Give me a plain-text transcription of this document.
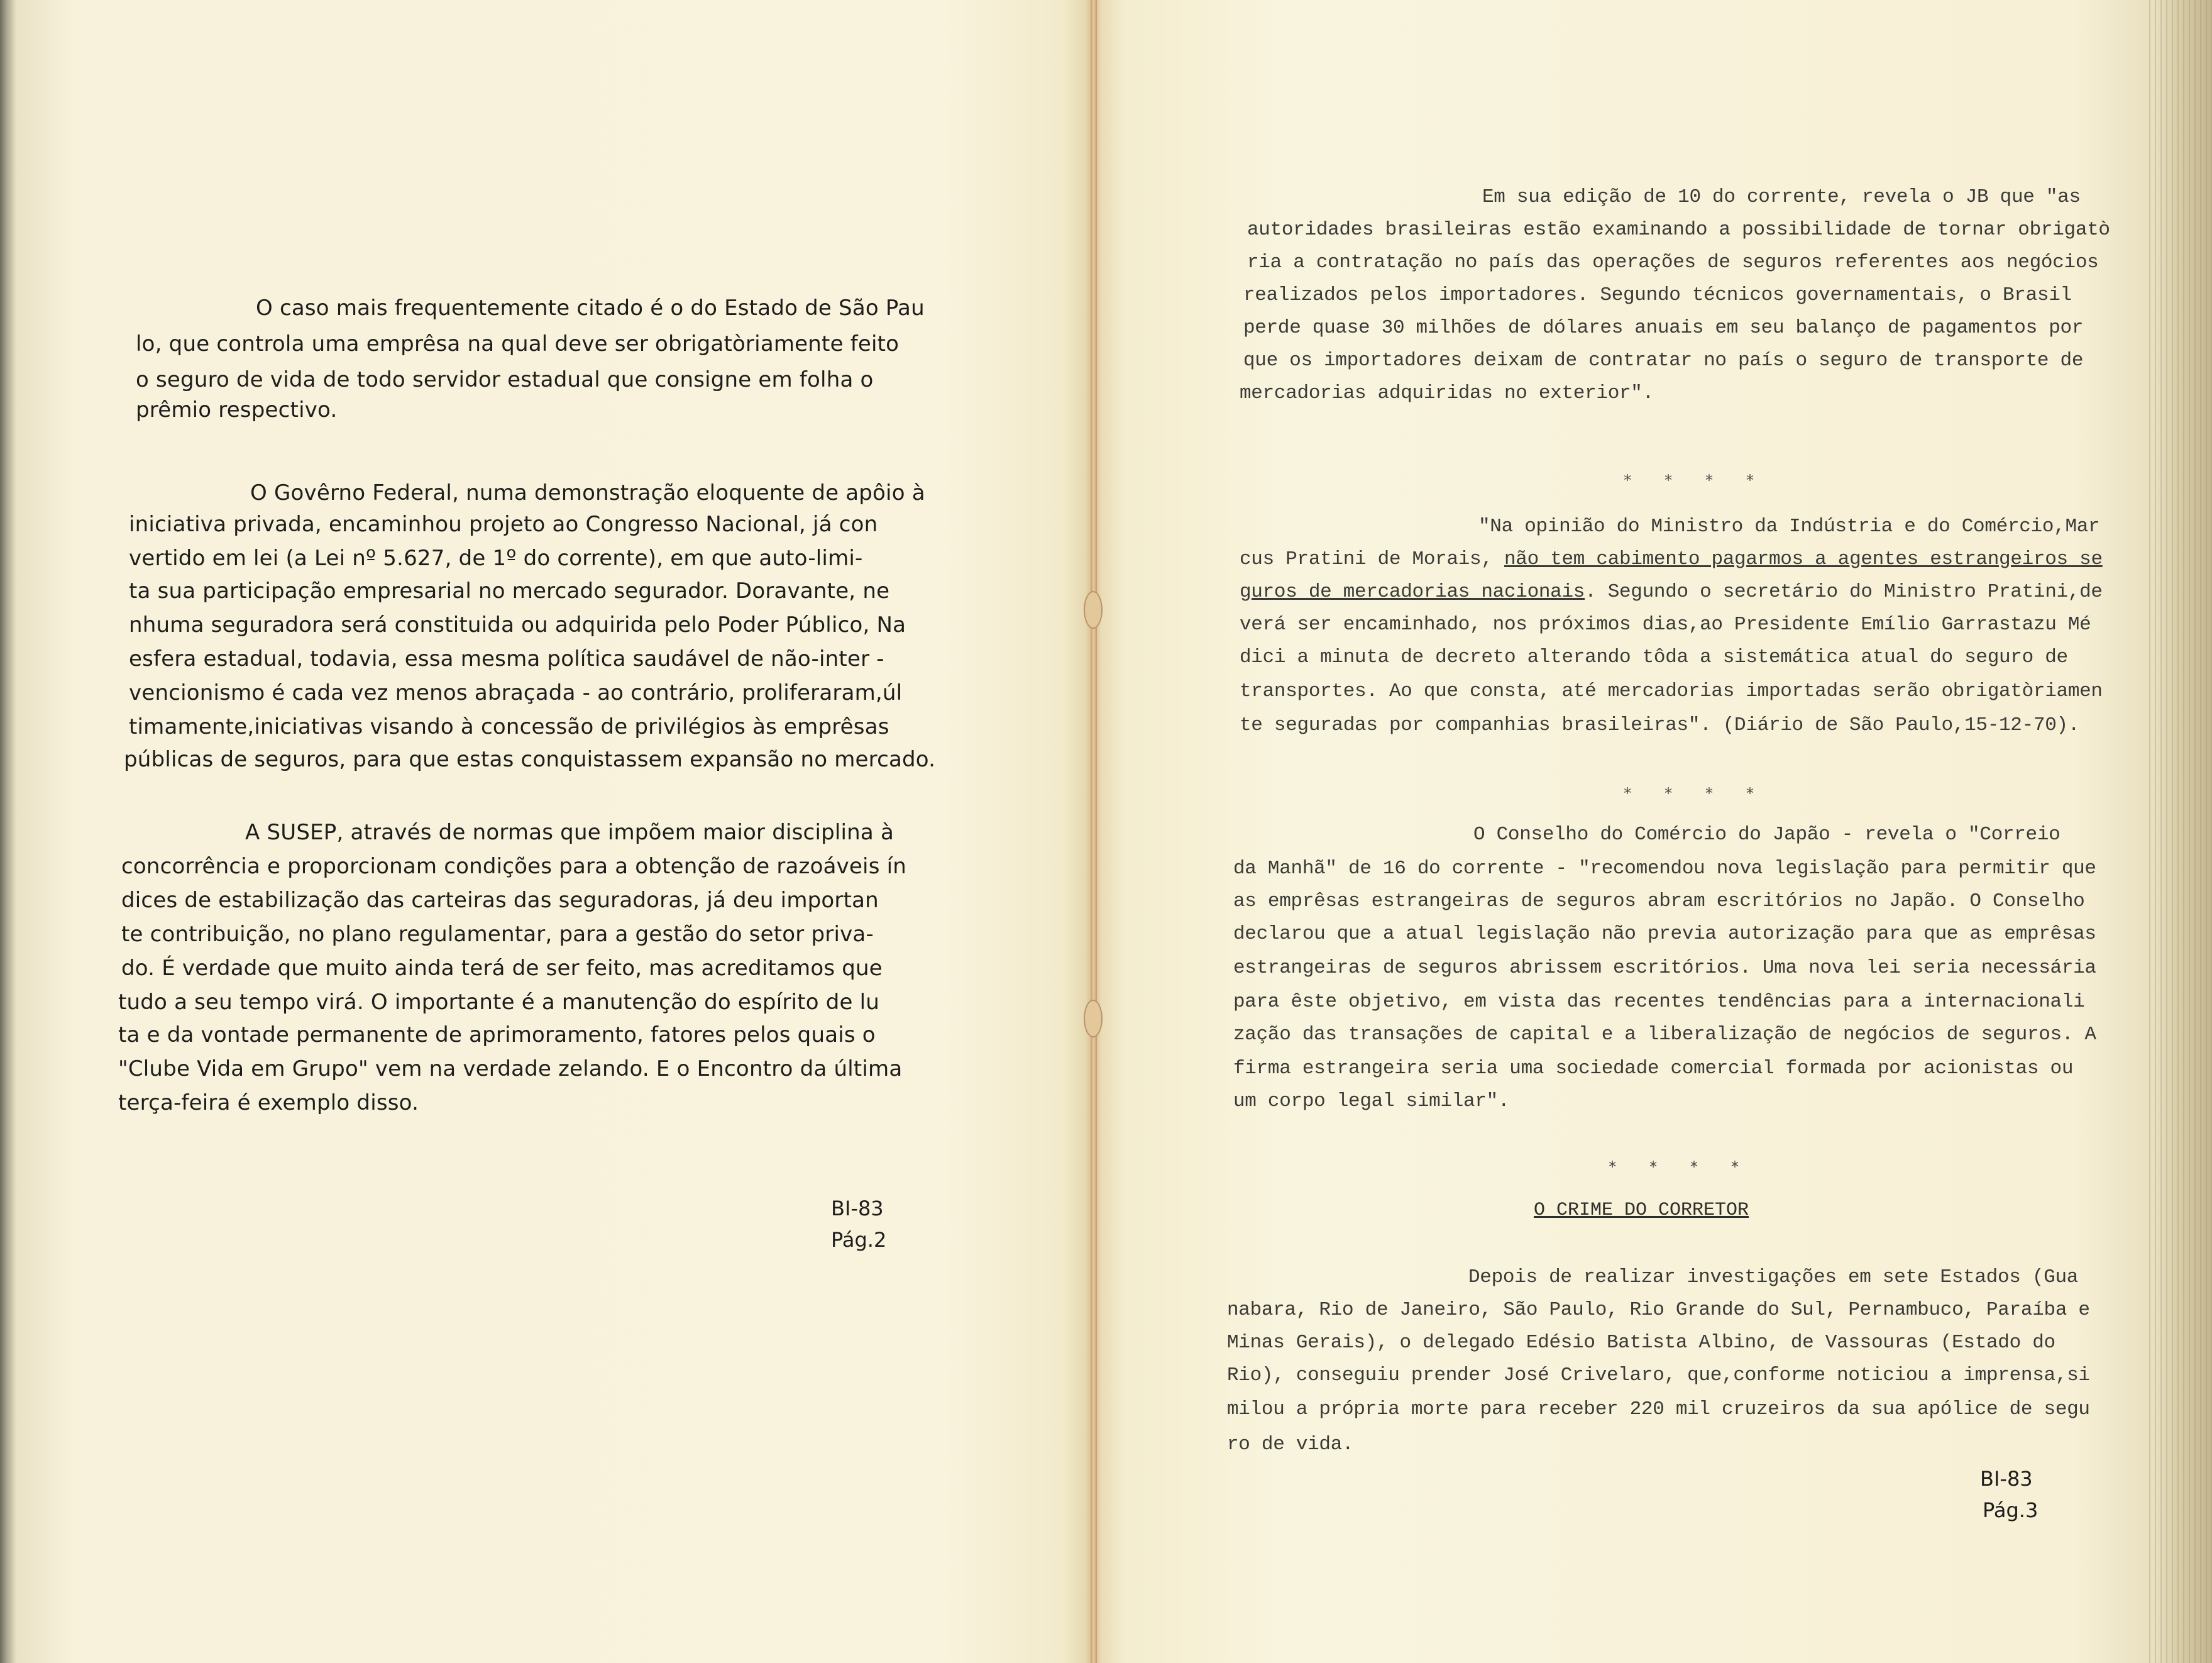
O caso mais frequentemente citado é o do Estado de São Pau

lo, que controla uma emprêsa na qual deve ser obrigatòriamente feito

o seguro de vida de todo servidor estadual que consigne em folha o

prêmio respectivo.

O Govêrno Federal, numa demonstração eloquente de apôio à

iniciativa privada, encaminhou projeto ao Congresso Nacional, já con

vertido em lei (a Lei nº 5.627, de 1º do corrente), em que auto-limi-

ta sua participação empresarial no mercado segurador. Doravante, ne

nhuma seguradora será constituida ou adquirida pelo Poder Público, Na

esfera estadual, todavia, essa mesma política saudável de não-inter -

vencionismo é cada vez menos abraçada - ao contrário, proliferaram,úl

timamente,iniciativas visando à concessão de privilégios às emprêsas

públicas de seguros, para que estas conquistassem expansão no mercado.

A SUSEP, através de normas que impõem maior disciplina à

concorrência e proporcionam condições para a obtenção de razoáveis ín

dices de estabilização das carteiras das seguradoras, já deu importan

te contribuição, no plano regulamentar, para a gestão do setor priva-

do. É verdade que muito ainda terá de ser feito, mas acreditamos que

tudo a seu tempo virá. O importante é a manutenção do espírito de lu

ta e da vontade permanente de aprimoramento, fatores pelos quais o

"Clube Vida em Grupo" vem na verdade zelando. E o Encontro da última

terça-feira é exemplo disso.

BI-83
Pág.2

Em sua edição de 10 do corrente, revela o JB que "as

autoridades brasileiras estão examinando a possibilidade de tornar obrigatò

ria a contratação no país das operações de seguros referentes aos negócios

realizados pelos importadores. Segundo técnicos governamentais, o Brasil

perde quase 30 milhões de dólares anuais em seu balanço de pagamentos por

que os importadores deixam de contratar no país o seguro de transporte de

mercadorias adquiridas no exterior".

* * * *

"Na opinião do Ministro da Indústria e do Comércio,Mar

cus Pratini de Morais, não tem cabimento pagarmos a agentes estrangeiros se

guros de mercadorias nacionais. Segundo o secretário do Ministro Pratini,de

verá ser encaminhado, nos próximos dias,ao Presidente Emílio Garrastazu Mé

dici a minuta de decreto alterando tôda a sistemática atual do seguro de

transportes. Ao que consta, até mercadorias importadas serão obrigatòriamen

te seguradas por companhias brasileiras". (Diário de São Paulo,15-12-70).

* * * *

O Conselho do Comércio do Japão - revela o "Correio

da Manhã" de 16 do corrente - "recomendou nova legislação para permitir que

as emprêsas estrangeiras de seguros abram escritórios no Japão. O Conselho

declarou que a atual legislação não previa autorização para que as emprêsas

estrangeiras de seguros abrissem escritórios. Uma nova lei seria necessária

para êste objetivo, em vista das recentes tendências para a internacionali

zação das transações de capital e a liberalização de negócios de seguros. A

firma estrangeira seria uma sociedade comercial formada por acionistas ou

um corpo legal similar".

* * * *
O CRIME DO CORRETOR

Depois de realizar investigações em sete Estados (Gua

nabara, Rio de Janeiro, São Paulo, Rio Grande do Sul, Pernambuco, Paraíba e

Minas Gerais), o delegado Edésio Batista Albino, de Vassouras (Estado do

Rio), conseguiu prender José Crivelaro, que,conforme noticiou a imprensa,si

milou a própria morte para receber 220 mil cruzeiros da sua apólice de segu

ro de vida.

BI-83
Pág.3
